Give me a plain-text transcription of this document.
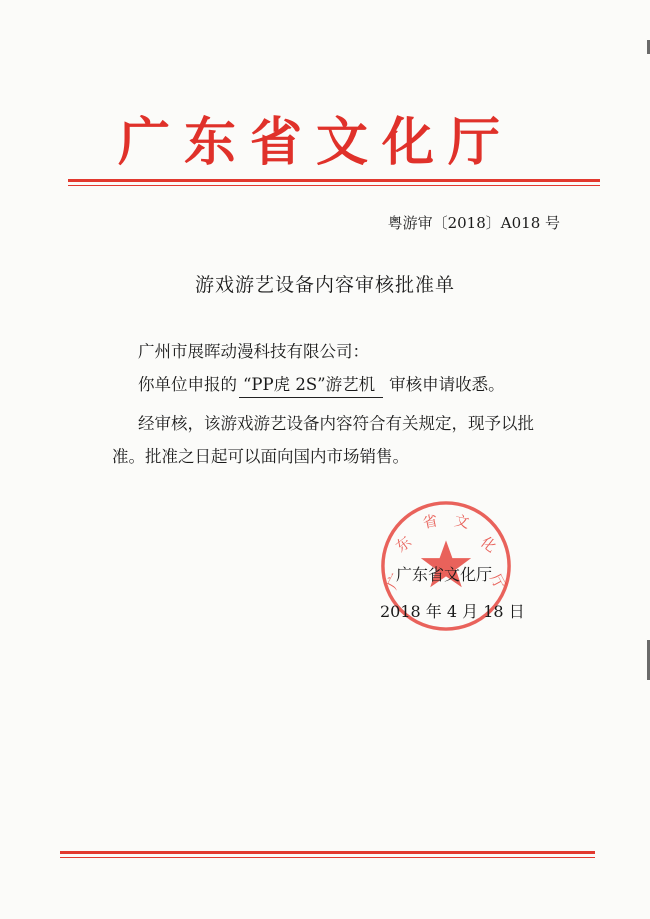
广东省文化厅
粤游审〔2018〕A018 号
游戏游艺设备内容审核批准单
广州市展晖动漫科技有限公司：
你单位申报的 “PP虎 2S”游艺机 审核申请收悉。
经审核，该游戏游艺设备内容符合有关规定，现予以批
准。批准之日起可以面向国内市场销售。
广
东
省 文
化
厅
广东省文化厅
2018 年 4 月 18 日
